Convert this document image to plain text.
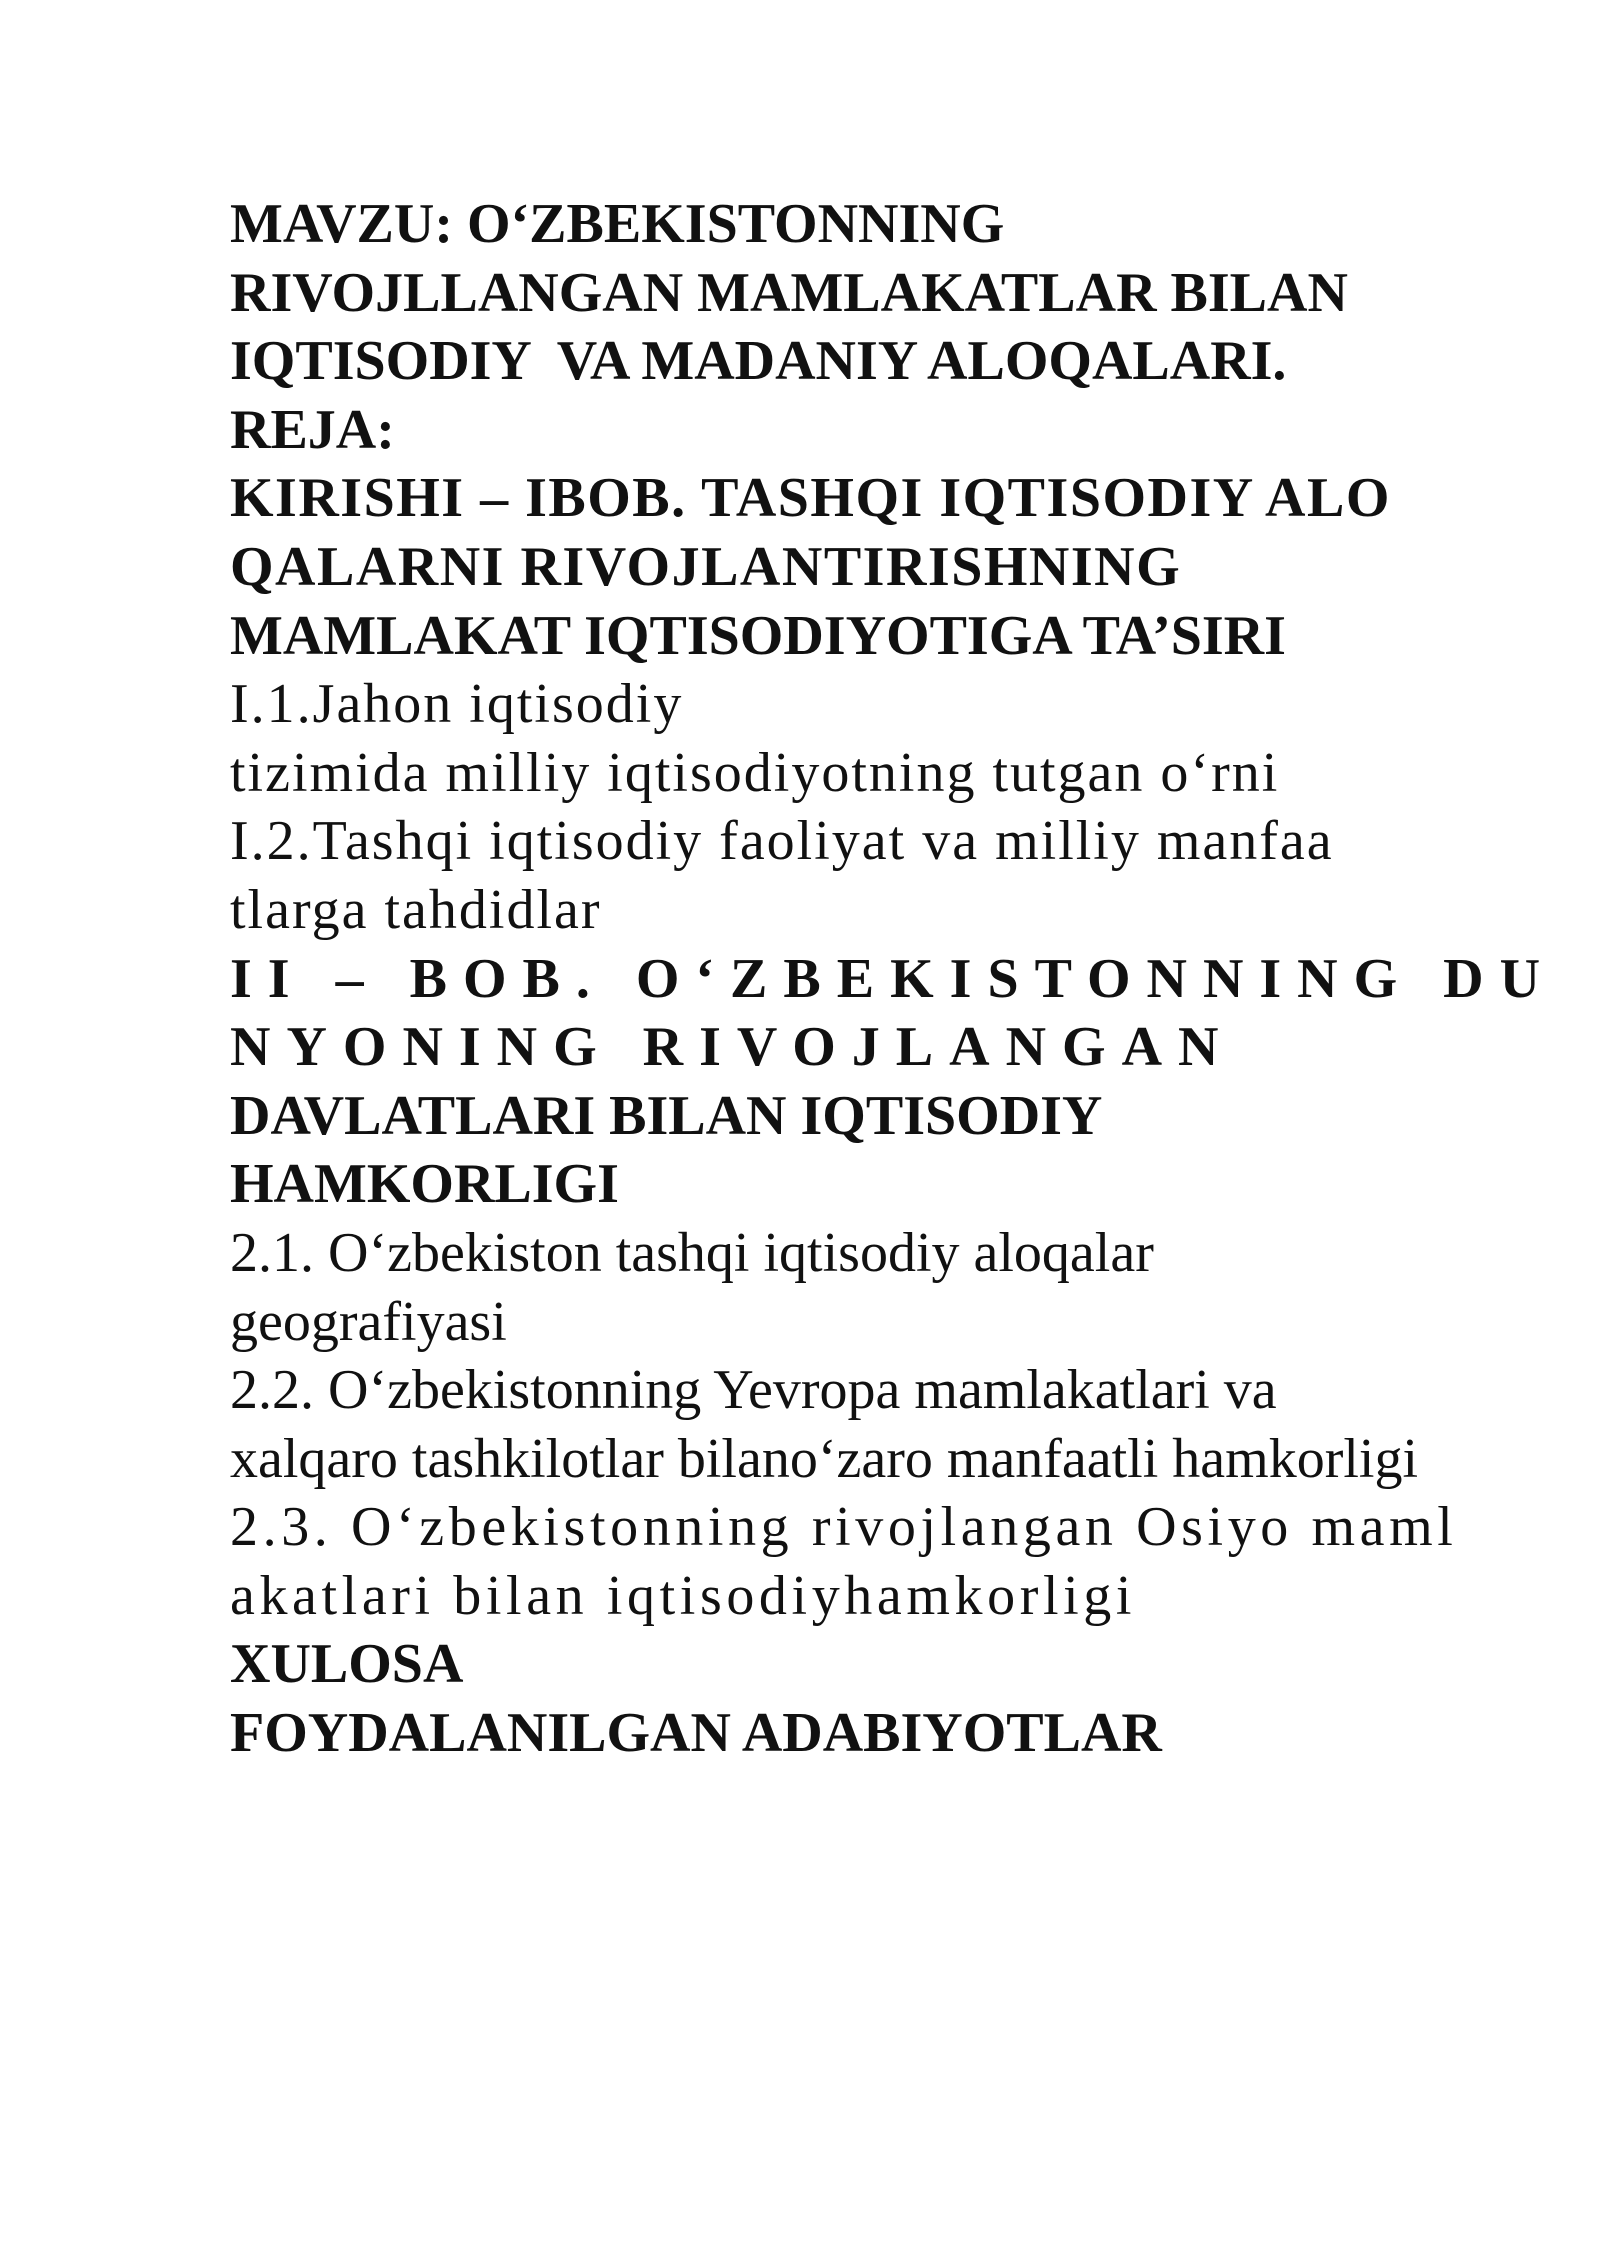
MAVZU: O‘ZBEKISTONNING

RIVOJLLANGAN MAMLAKATLAR BILAN

IQTISODIY  VA MADANIY ALOQALARI.

REJA:

KIRISHI – IBOB. TASHQI IQTISODIY ALO

QALARNI RIVOJLANTIRISHNING

MAMLAKAT IQTISODIYOTIGA TA’SIRI

I.1.Jahon iqtisodiy

tizimida milliy iqtisodiyotning tutgan o‘rni

I.2.Tashqi iqtisodiy faoliyat va milliy manfaa

tlarga tahdidlar

II – BOB. O‘ZBEKISTONNING DU

NYONING RIVOJLANGAN

DAVLATLARI BILAN IQTISODIY

HAMKORLIGI

2.1. O‘zbekiston tashqi iqtisodiy aloqalar

geografiyasi

2.2. O‘zbekistonning Yevropa mamlakatlari va

xalqaro tashkilotlar bilano‘zaro manfaatli hamkorligi

2.3. O‘zbekistonning rivojlangan Osiyo maml

akatlari bilan iqtisodiyhamkorligi

XULOSA

FOYDALANILGAN ADABIYOTLAR
